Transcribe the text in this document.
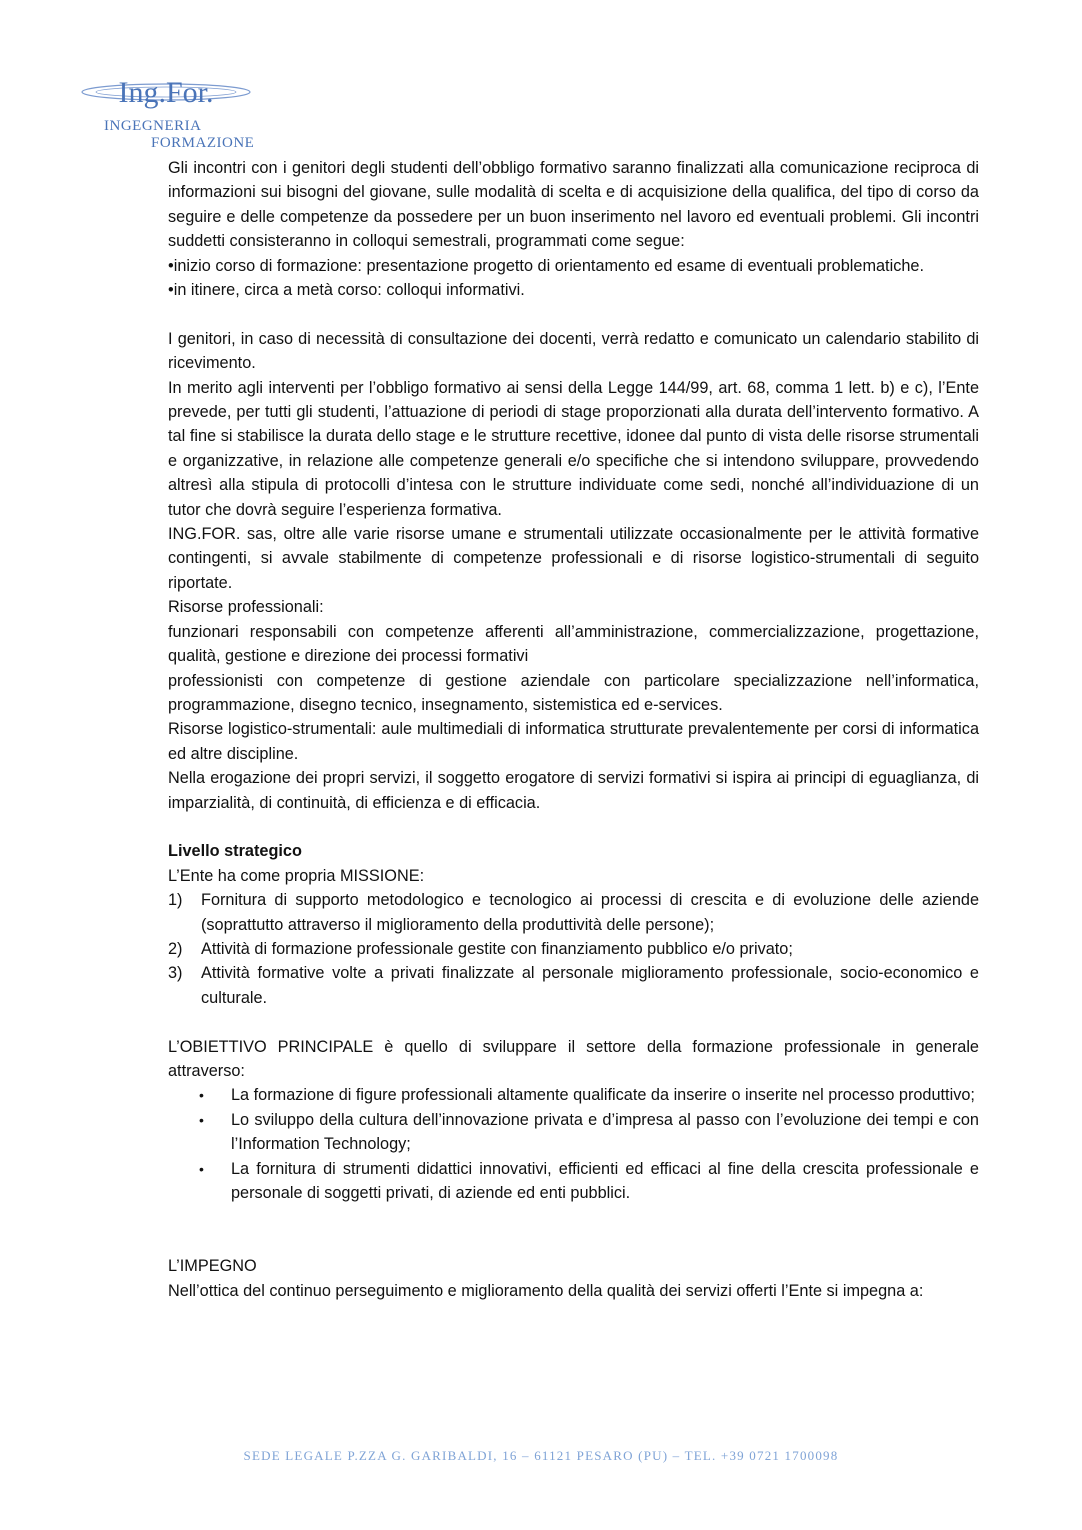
Ing.For.
INGEGNERIA
FORMAZIONE

Gli incontri con i genitori degli studenti dell’obbligo formativo saranno finalizzati alla comunicazione reciproca di informazioni sui bisogni del giovane, sulle modalità di scelta e di acquisizione della qualifica, del tipo di corso da seguire e delle competenze da possedere per un buon inserimento nel lavoro ed eventuali problemi. Gli incontri suddetti consisteranno in colloqui semestrali, programmati come segue:

•inizio corso di formazione: presentazione progetto di orientamento ed esame di eventuali problematiche.

•in itinere, circa a metà corso: colloqui informativi.

I genitori, in caso di necessità di consultazione dei docenti, verrà redatto e comunicato un calendario stabilito di ricevimento.

In merito agli interventi per l’obbligo formativo ai sensi della Legge 144/99, art. 68, comma 1 lett. b) e c), l’Ente prevede, per tutti gli studenti, l’attuazione di periodi di stage proporzionati alla durata dell’intervento formativo. A tal fine si stabilisce la durata dello stage e le strutture recettive, idonee dal punto di vista delle risorse strumentali e organizzative, in relazione alle competenze generali e/o specifiche che si intendono sviluppare, provvedendo altresì alla stipula di protocolli d’intesa con le strutture individuate come sedi, nonché all’individuazione di un tutor che dovrà seguire l’esperienza formativa.

ING.FOR. sas, oltre alle varie risorse umane e strumentali utilizzate occasionalmente per le attività formative contingenti, si avvale stabilmente di competenze professionali e di risorse logistico-strumentali di seguito riportate.

Risorse professionali:

funzionari responsabili con competenze afferenti all’amministrazione, commercializzazione, progettazione, qualità, gestione e direzione dei processi formativi

professionisti con competenze di gestione aziendale con particolare specializzazione nell’informatica, programmazione, disegno tecnico, insegnamento, sistemistica ed e-services.

Risorse logistico-strumentali: aule multimediali di informatica strutturate prevalentemente per corsi di informatica ed altre discipline.

Nella erogazione dei propri servizi, il soggetto erogatore di servizi formativi si ispira ai principi di eguaglianza, di imparzialità, di continuità, di efficienza e di efficacia.

Livello strategico

L’Ente ha come propria MISSIONE:

1)	Fornitura di supporto metodologico e tecnologico ai processi di crescita e di evoluzione delle aziende (soprattutto attraverso il miglioramento della produttività delle persone);
2)	Attività di formazione professionale gestite con finanziamento pubblico e/o privato;
3)	Attività formative volte a privati finalizzate al personale miglioramento professionale, socio-economico e culturale.

L’OBIETTIVO PRINCIPALE è quello di sviluppare il settore della formazione professionale in generale attraverso:

•	La formazione di figure professionali altamente qualificate da inserire o inserite nel processo produttivo;
•	Lo sviluppo della cultura dell’innovazione privata e d’impresa al passo con l’evoluzione dei tempi e con l’Information Technology;
•	La fornitura di strumenti didattici innovativi, efficienti ed efficaci al fine della crescita professionale e personale di soggetti privati, di aziende ed enti pubblici.

L’IMPEGNO

Nell’ottica del continuo perseguimento e miglioramento della qualità dei servizi offerti l’Ente si impegna a:

SEDE LEGALE P.ZZA G. GARIBALDI, 16 – 61121 PESARO (PU) – TEL. +39 0721 1700098
